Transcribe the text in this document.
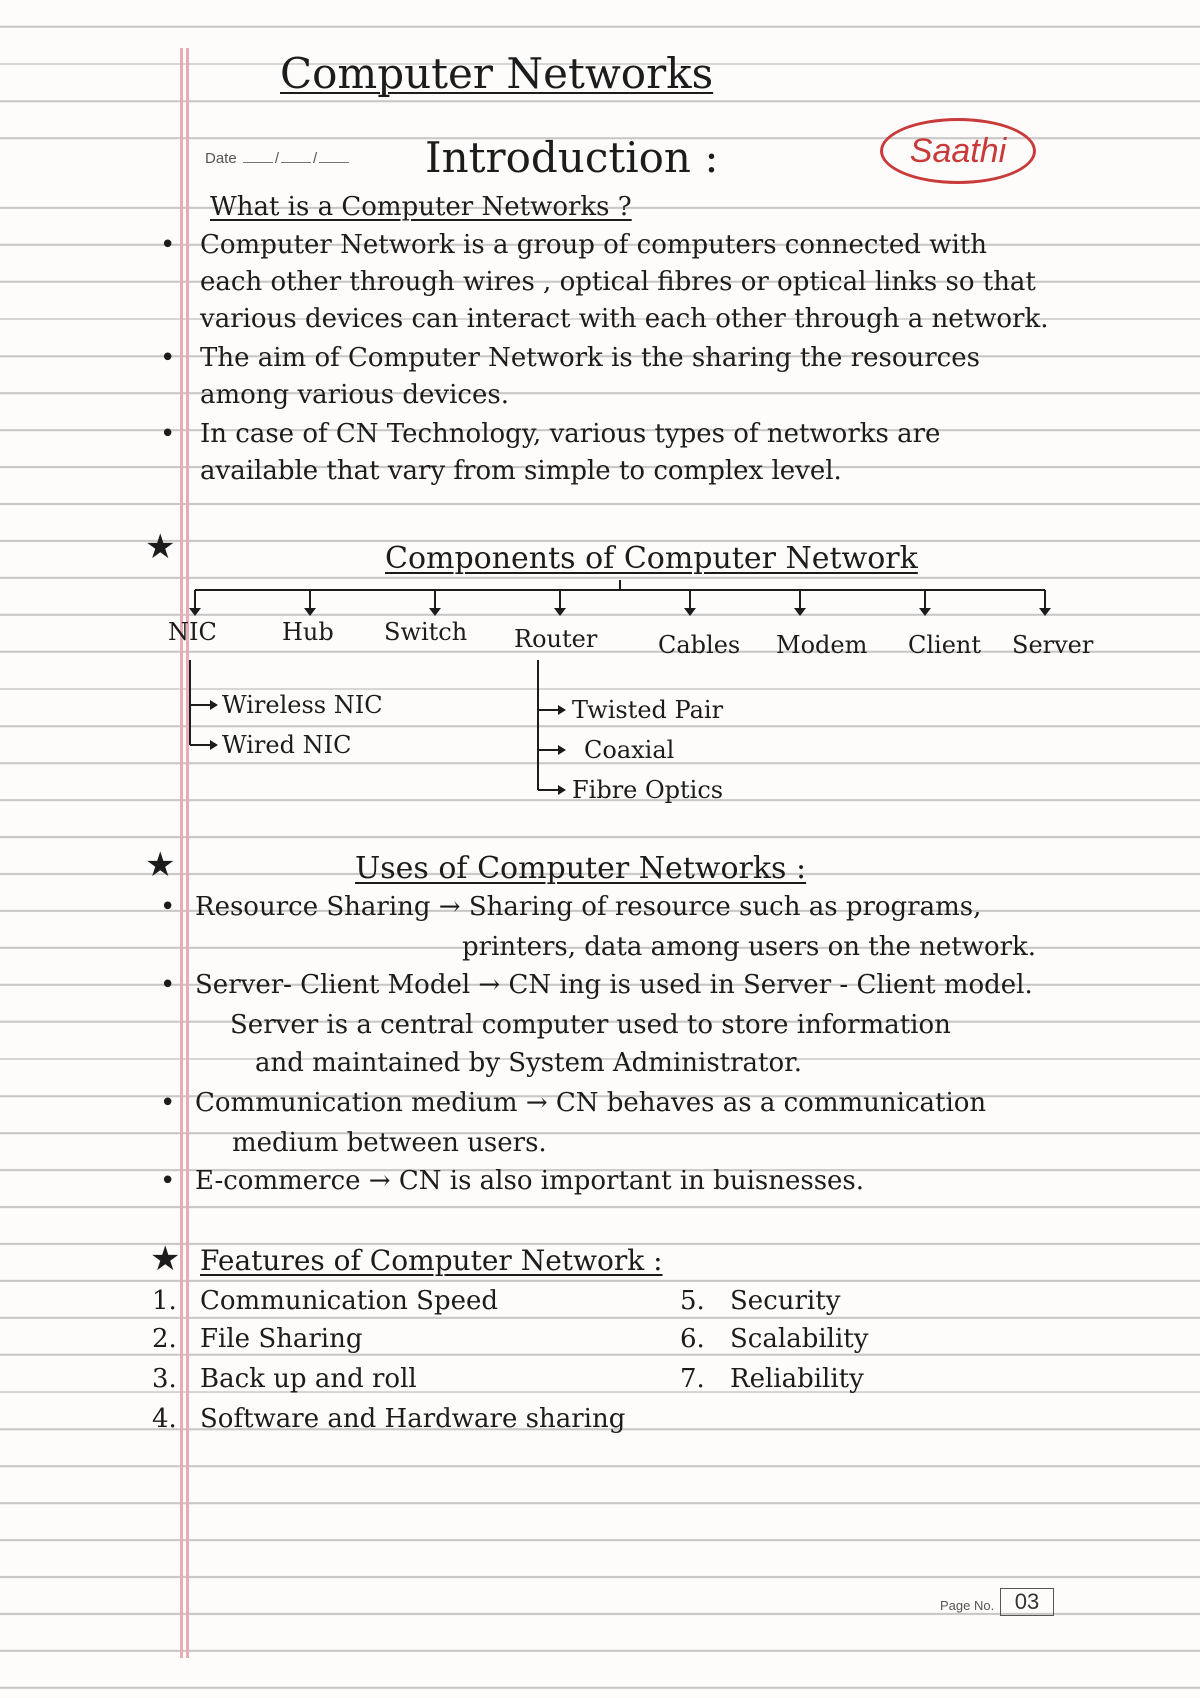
Computer Networks
Date	/ /	Introduction :	Saathi
What is a Computer Networks ?
• Computer Network is a group of computers connected with
each other through wires , optical fibres or optical links so that
various devices can interact with each other through a network.
• The aim of Computer Network is the sharing the resources
among various devices.
• In case of CN Technology, various types of networks are
available that vary from simple to complex level.
★	Components of Computer Network
NIC	Hub Switch Router	Cables Modem Client Server
Wireless NIC
Wired NIC
Twisted Pair
Coaxial
Fibre Optics
★	Uses of Computer Networks :
• Resource Sharing → Sharing of resource such as programs,
printers, data among users on the network.
• Server- Client Model → CN ing is used in Server - Client model.
Server is a central computer used to store information
and maintained by System Administrator.
• Communication medium → CN behaves as a communication
medium between users.
• E-commerce → CN is also important in buisnesses.
★ Features of Computer Network :
1. Communication Speed
2. File Sharing
3. Back up and roll
4. Software and Hardware sharing
5. Security
6. Scalability
7. Reliability
Page No. 03
